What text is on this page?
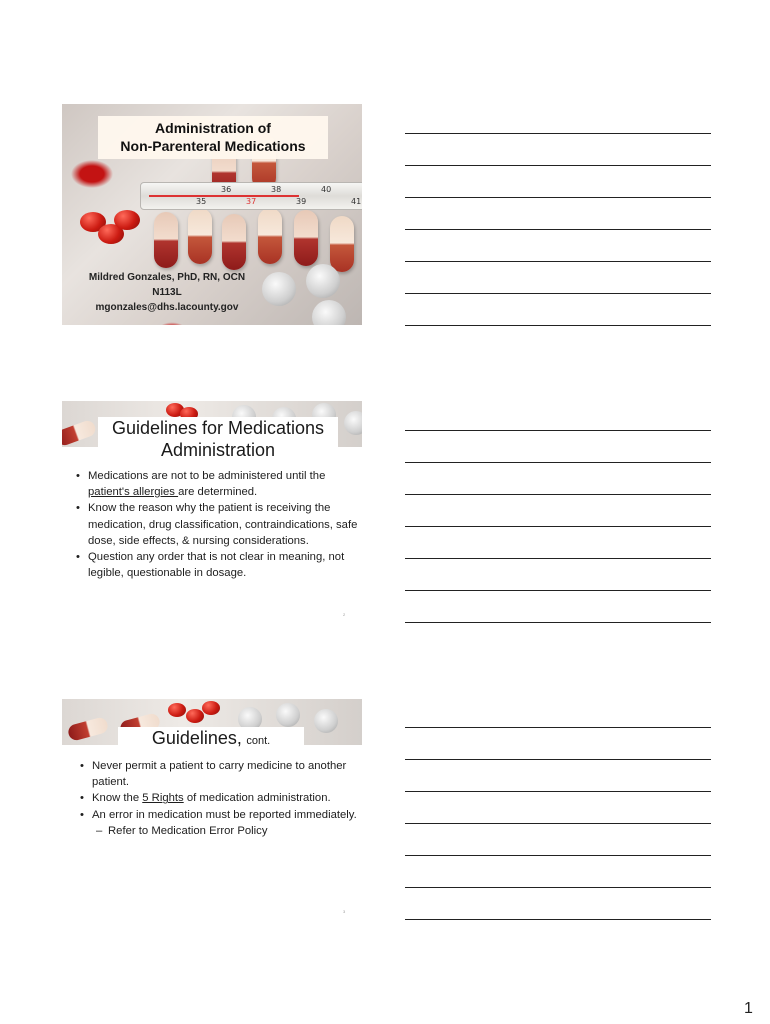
36	38	40
35	37	39	41
Administration of
Non-Parenteral Medications
Mildred Gonzales, PhD, RN, OCN
N113L
mgonzales@dhs.lacounty.gov
Guidelines for Medications
Administration
• Medications are not to be administered until the patient's allergies are determined.
• Know the reason why the patient is receiving the medication, drug classification, contraindications, safe dose, side effects, & nursing considerations.
• Question any order that is not clear in meaning, not legible, questionable in dosage.
2
Guidelines, cont.
• Never permit a patient to carry medicine to another patient.
• Know the 5 Rights of medication administration.
• An error in medication must be reported immediately.
– Refer to Medication Error Policy
3
1
